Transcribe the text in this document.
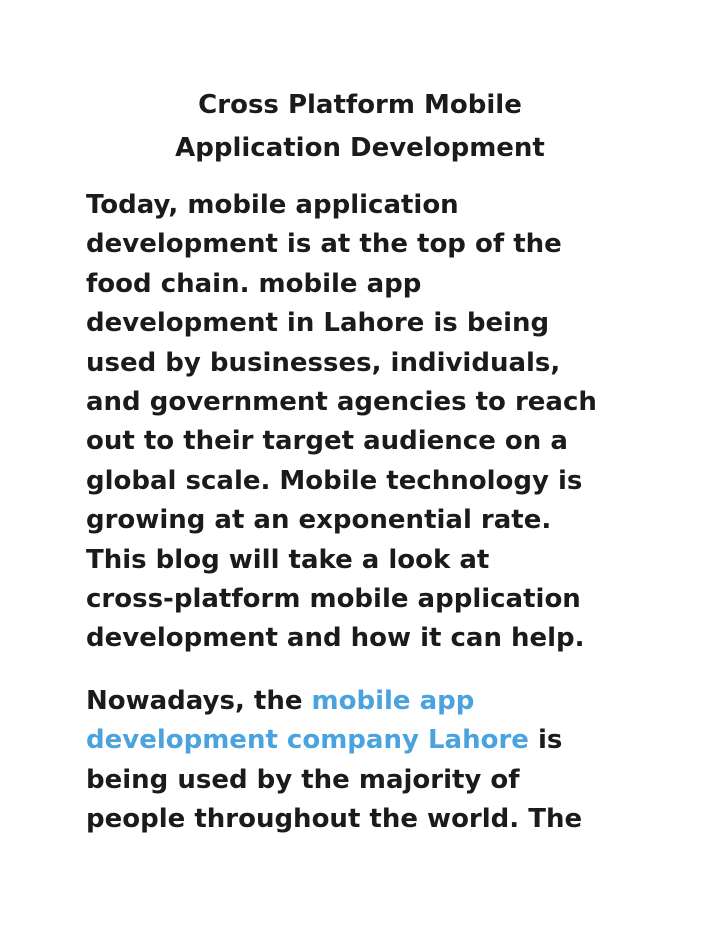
Cross Platform Mobile
Application Development

Today, mobile application
development is at the top of the
food chain. mobile app
development in Lahore is being
used by businesses, individuals,
and government agencies to reach
out to their target audience on a
global scale. Mobile technology is
growing at an exponential rate.
This blog will take a look at
cross-platform mobile application
development and how it can help.

Nowadays, the mobile app
development company Lahore is
being used by the majority of
people throughout the world. The
